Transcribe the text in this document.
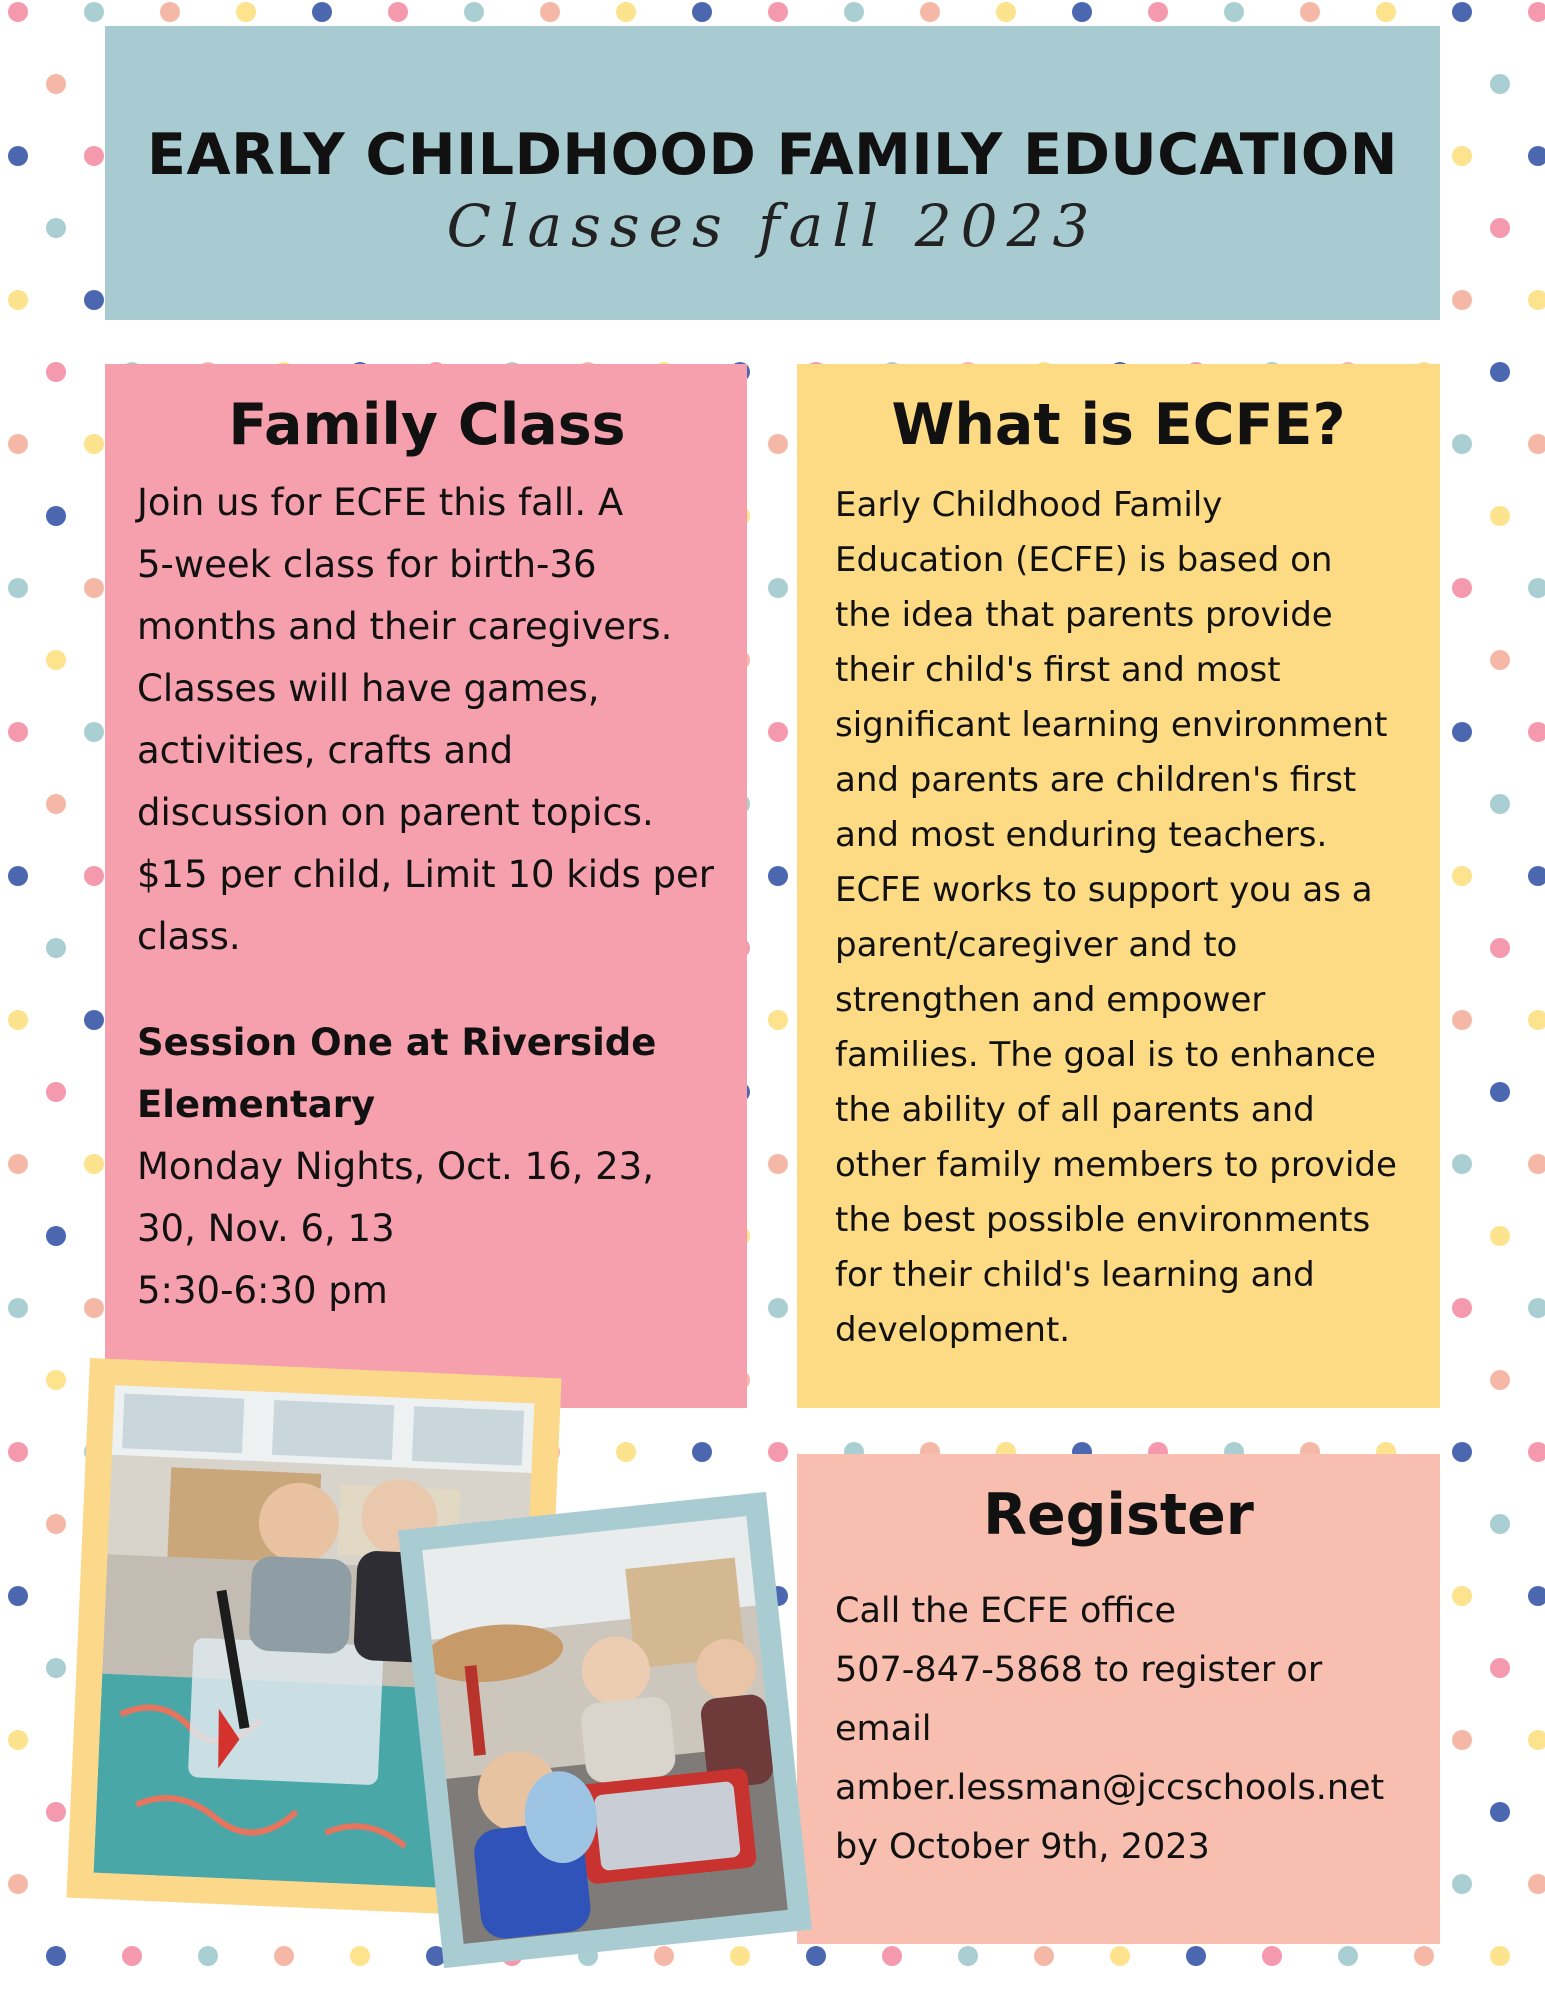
EARLY CHILDHOOD FAMILY EDUCATION
Classes fall 2023
Family Class
Join us for ECFE this fall. A
5-week class for birth-36
months and their caregivers.
Classes will have games,
activities, crafts and
discussion on parent topics.
$15 per child, Limit 10 kids per
class.
Session One at Riverside
Elementary
Monday Nights, Oct. 16, 23,
30, Nov. 6, 13
5:30-6:30 pm
What is ECFE?
Early Childhood Family
Education (ECFE) is based on
the idea that parents provide
their child's first and most
significant learning environment
and parents are children's first
and most enduring teachers.
ECFE works to support you as a
parent/caregiver and to
strengthen and empower
families. The goal is to enhance
the ability of all parents and
other family members to provide
the best possible environments
for their child's learning and
development.
Register
Call the ECFE office
507-847-5868 to register or
email
amber.lessman@jccschools.net
by October 9th, 2023
